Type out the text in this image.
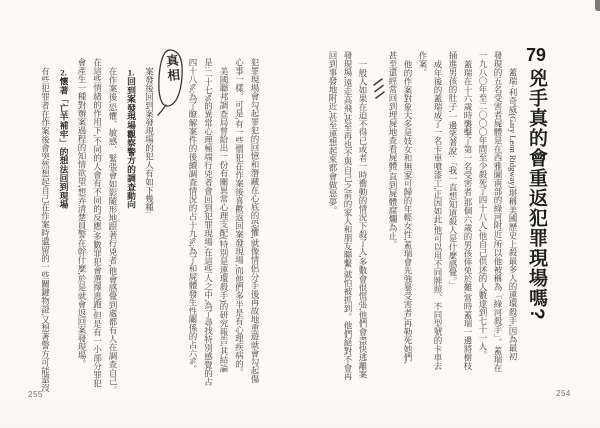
79兇手真的會重返犯罪現場嗎?

蓋瑞·利奇威(Gary Leon Ridgway)堪稱美國歷史上殺最多人的連環殺手,因為最初

發現的五名受害者屍體是在西雅圖南部的綠河附近,所以他被稱為「綠河殺手」。蓋瑞在

一九八〇年至二〇〇〇年間至少殺死了四十八人,他自己供述的人數達到七十一人。

蓋瑞在十六歲時襲擊了第一名受害者,那個六歲的男孩倖免於難,當時蓋瑞一邊將樹枝

捅進男孩的肚子,一邊笑著說:「我一直想知道殺人是什麼感覺。」

成年後的蓋瑞成了一名卡車噴漆工,正因如此,他可以用不同牌照、不同型號的卡車去

作案。

他的作案對象大多是妓女和無家可歸的年輕女性,蓋瑞會先強暴受害者,再勒死她們,

甚至還經常回到埋屍地查看屍體,直到屍體腐爛為止。

一般人如果在迫不得已或者一時衝動的情況下殺了人,多數會很慌張,他們會盡快逃離案

發現場,遠走高飛,甚至再也不與自己之前的家人和朋友聯繫,就怕被抓到。他們絕對不會再

回到事發地附近,甚至連想起來都會做惡夢。

254

犯罪現場會勾起罪犯的回憶和潛藏在心底的恐懼,就像情侶分手後再故地重遊就會勾起傷

心事一樣。可是,有一些慣犯在作案後喜歡返回案發現場,而他們多半是有心理疾病的。

美國聯邦調查局曾給出一份有關異常心理支配(特別是連環殺手)的研究報告,其結論

是:二十七%的異常心理極端行兇者會回到犯罪現場,在這些人之中,為了尋找特別感覺的占

四十八%;為了瞭解案件的後續調查情況的占十九%;為了和屍體發生性關係的占六%。

真相

案發後回到案發現場的犯人有如下幾種:

1.回到案發現場觀察警方的調查動向

在作案後,恐懼、敏感、緊張會如影隨形地跟著行兇者,他會感覺到處都有人在調查自己。

在這些情緒的作用下,不同的人會有不同的反應,多數罪犯會選擇逃跑,但是有一小部分罪犯

會產生一種對辦案過程的知情欲望,想弄清楚員警在幹什麼,於是就會返回案發現場。

2.懷著「亡羊補牢」的想法回到現場

有些犯罪者在作案後會突然想起自己在作案時遺留的一些關鍵物證,又想著警方可能還沒

255
